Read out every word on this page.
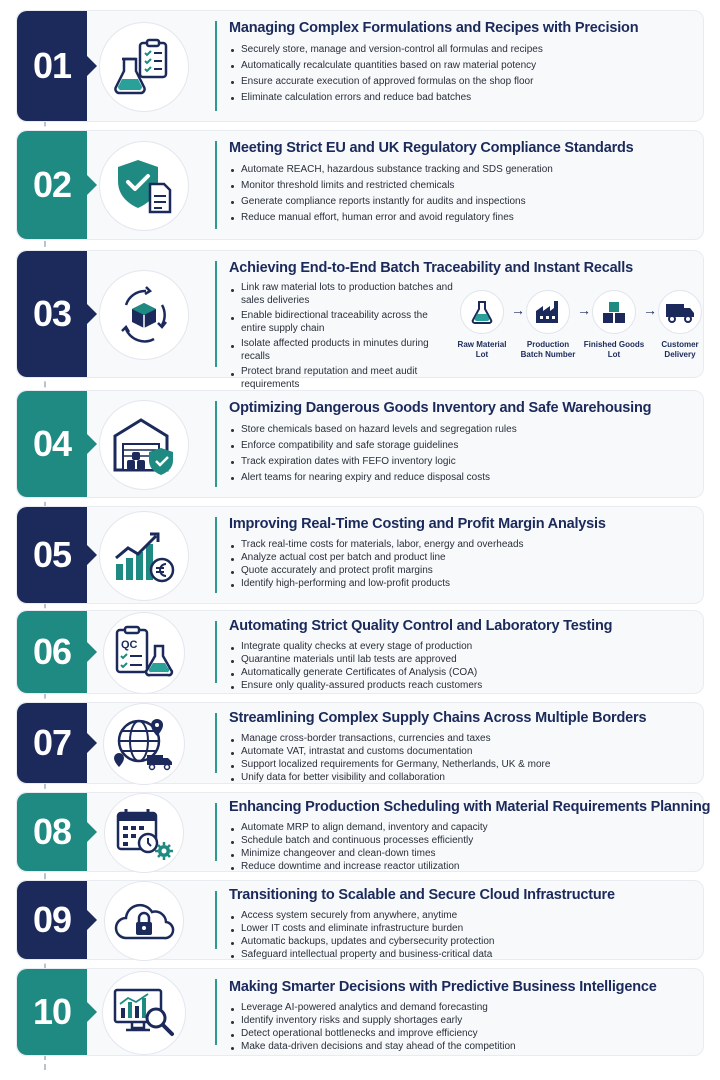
01
Managing Complex Formulations and Recipes with Precision
Securely store, manage and version-control all formulas and recipes
Automatically recalculate quantities based on raw material potency
Ensure accurate execution of approved formulas on the shop floor
Eliminate calculation errors and reduce bad batches
02
Meeting Strict EU and UK Regulatory Compliance Standards
Automate REACH, hazardous substance tracking and SDS generation
Monitor threshold limits and restricted chemicals
Generate compliance reports instantly for audits and inspections
Reduce manual effort, human error and avoid regulatory fines
03
Achieving End-to-End Batch Traceability and Instant Recalls
Link raw material lots to production batches and sales deliveries
Enable bidirectional traceability across the entire supply chain
Isolate affected products in minutes during recalls
Protect brand reputation and meet audit requirements
Raw Material Lot
→
Production Batch Number
→
Finished Goods Lot
→
Customer Delivery
04
Optimizing Dangerous Goods Inventory and Safe Warehousing
Store chemicals based on hazard levels and segregation rules
Enforce compatibility and safe storage guidelines
Track expiration dates with FEFO inventory logic
Alert teams for nearing expiry and reduce disposal costs
05
Improving Real-Time Costing and Profit Margin Analysis
Track real-time costs for materials, labor, energy and overheads
Analyze actual cost per batch and product line
Quote accurately and protect profit margins
Identify high-performing and low-profit products
06	QC
Automating Strict Quality Control and Laboratory Testing
Integrate quality checks at every stage of production
Quarantine materials until lab tests are approved
Automatically generate Certificates of Analysis (COA)
Ensure only quality-assured products reach customers
07
Streamlining Complex Supply Chains Across Multiple Borders
Manage cross-border transactions, currencies and taxes
Automate VAT, intrastat and customs documentation
Support localized requirements for Germany, Netherlands, UK & more
Unify data for better visibility and collaboration
08
Enhancing Production Scheduling with Material Requirements Planning
Automate MRP to align demand, inventory and capacity
Schedule batch and continuous processes efficiently
Minimize changeover and clean-down times
Reduce downtime and increase reactor utilization
09
Transitioning to Scalable and Secure Cloud Infrastructure
Access system securely from anywhere, anytime
Lower IT costs and eliminate infrastructure burden
Automatic backups, updates and cybersecurity protection
Safeguard intellectual property and business-critical data
10
Making Smarter Decisions with Predictive Business Intelligence
Leverage AI-powered analytics and demand forecasting
Identify inventory risks and supply shortages early
Detect operational bottlenecks and improve efficiency
Make data-driven decisions and stay ahead of the competition
